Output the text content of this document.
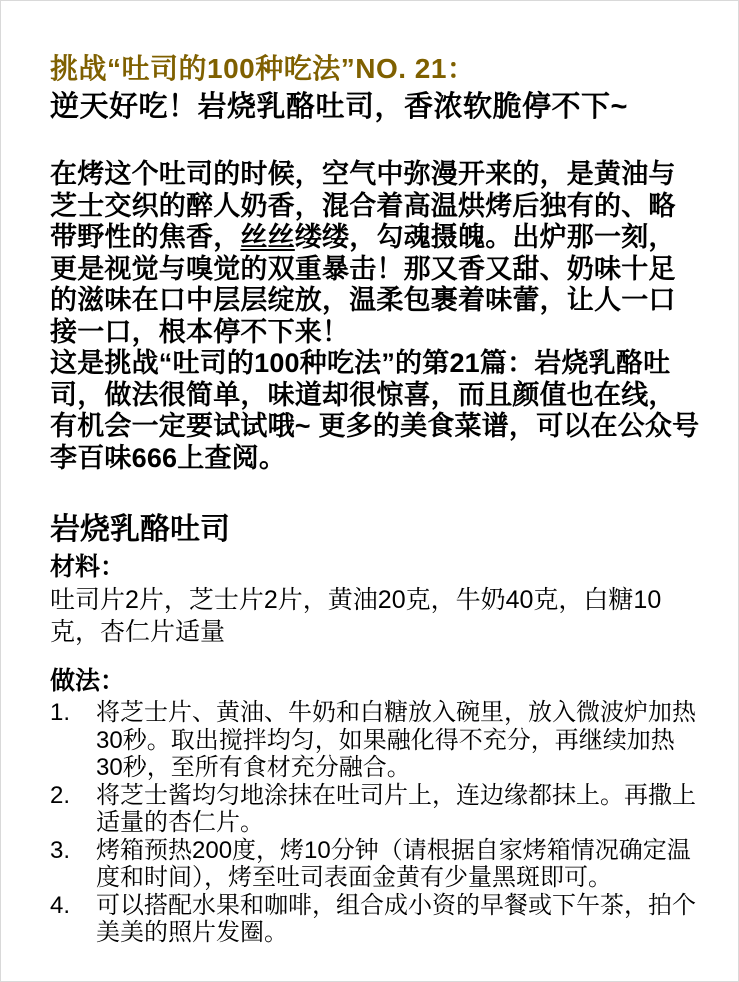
挑战“吐司的100种吃法”NO. 21：
逆天好吃！岩烧乳酪吐司，香浓软脆停不下~

在烤这个吐司的时候，空气中弥漫开来的，是黄油与芝士交织的醉人奶香，混合着高温烘烤后独有的、略带野性的焦香，丝丝缕缕，勾魂摄魄。出炉那一刻，更是视觉与嗅觉的双重暴击！那又香又甜、奶味十足的滋味在口中层层绽放，温柔包裹着味蕾，让人一口接一口，根本停不下来！

这是挑战“吐司的100种吃法”的第21篇：岩烧乳酪吐司，做法很简单，味道却很惊喜，而且颜值也在线，有机会一定要试试哦~ 更多的美食菜谱，可以在公众号李百味666上查阅。

岩烧乳酪吐司
材料：
吐司片2片，芝士片2片，黄油20克，牛奶40克，白糖10克，杏仁片适量
做法：
1.	将芝士片、黄油、牛奶和白糖放入碗里，放入微波炉加热30秒。取出搅拌均匀，如果融化得不充分，再继续加热30秒，至所有食材充分融合。
2.	将芝士酱均匀地涂抹在吐司片上，连边缘都抹上。再撒上适量的杏仁片。
3.	烤箱预热200度，烤10分钟（请根据自家烤箱情况确定温度和时间），烤至吐司表面金黄有少量黑斑即可。
4.	可以搭配水果和咖啡，组合成小资的早餐或下午茶，拍个美美的照片发圈。
